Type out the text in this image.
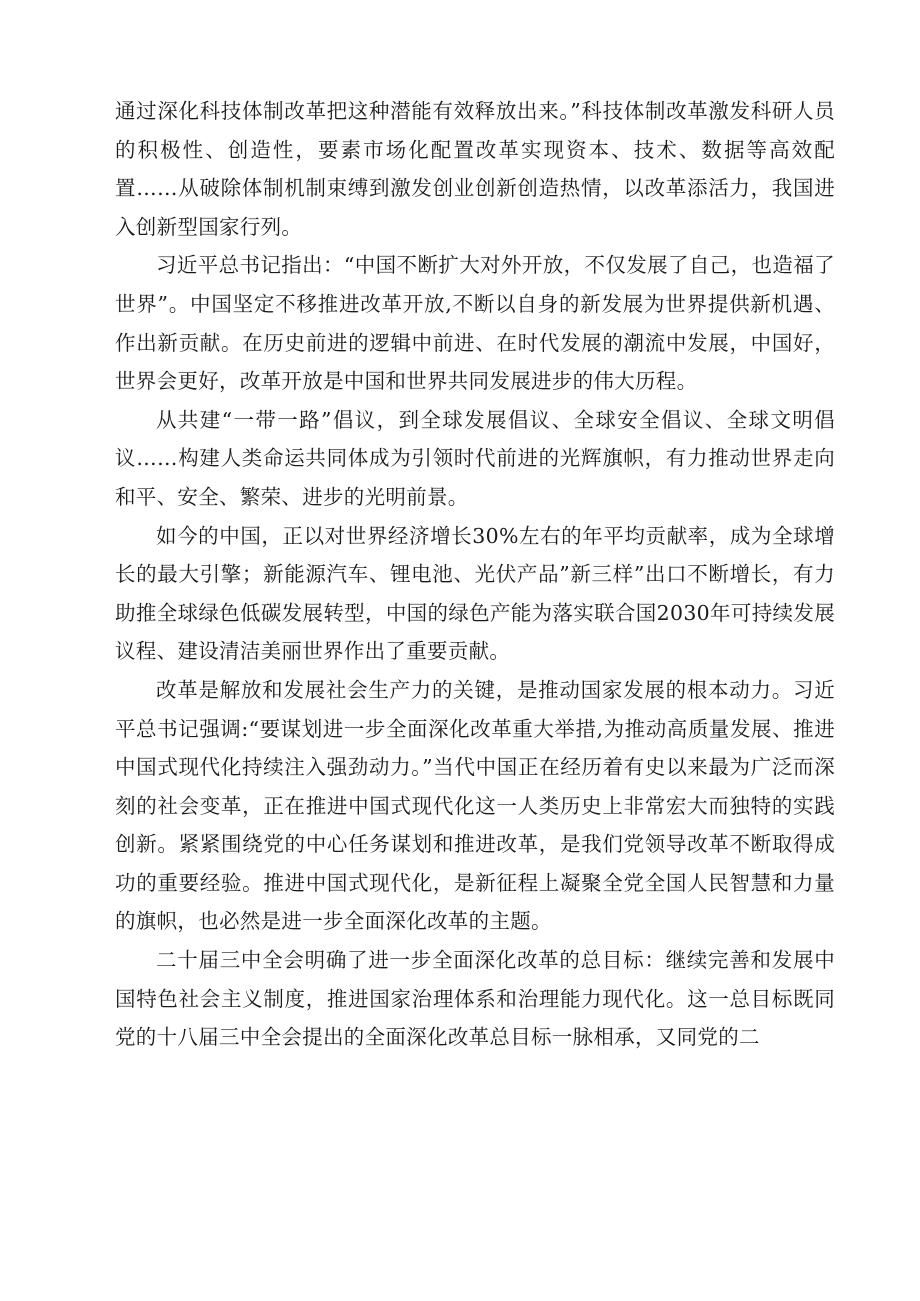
通过深化科技体制改革把这种潜能有效释放出来。”科技体制改革激发科研人员的积极性、创造性，要素市场化配置改革实现资本、技术、数据等高效配置……从破除体制机制束缚到激发创业创新创造热情，以改革添活力，我国进入创新型国家行列。

习近平总书记指出：“中国不断扩大对外开放，不仅发展了自己，也造福了世界”。中国坚定不移推进改革开放,不断以自身的新发展为世界提供新机遇、作出新贡献。在历史前进的逻辑中前进、在时代发展的潮流中发展，中国好，世界会更好，改革开放是中国和世界共同发展进步的伟大历程。

从共建“一带一路”倡议，到全球发展倡议、全球安全倡议、全球文明倡议……构建人类命运共同体成为引领时代前进的光辉旗帜，有力推动世界走向和平、安全、繁荣、进步的光明前景。

如今的中国，正以对世界经济增长30%左右的年平均贡献率，成为全球增长的最大引擎；新能源汽车、锂电池、光伏产品”新三样”出口不断增长，有力助推全球绿色低碳发展转型，中国的绿色产能为落实联合国2030年可持续发展议程、建设清洁美丽世界作出了重要贡献。

改革是解放和发展社会生产力的关键，是推动国家发展的根本动力。习近平总书记强调:“要谋划进一步全面深化改革重大举措,为推动高质量发展、推进中国式现代化持续注入强劲动力。”当代中国正在经历着有史以来最为广泛而深刻的社会变革，正在推进中国式现代化这一人类历史上非常宏大而独特的实践创新。紧紧围绕党的中心任务谋划和推进改革，是我们党领导改革不断取得成功的重要经验。推进中国式现代化，是新征程上凝聚全党全国人民智慧和力量的旗帜，也必然是进一步全面深化改革的主题。

二十届三中全会明确了进一步全面深化改革的总目标：继续完善和发展中国特色社会主义制度，推进国家治理体系和治理能力现代化。这一总目标既同党的十八届三中全会提出的全面深化改革总目标一脉相承，又同党的二
